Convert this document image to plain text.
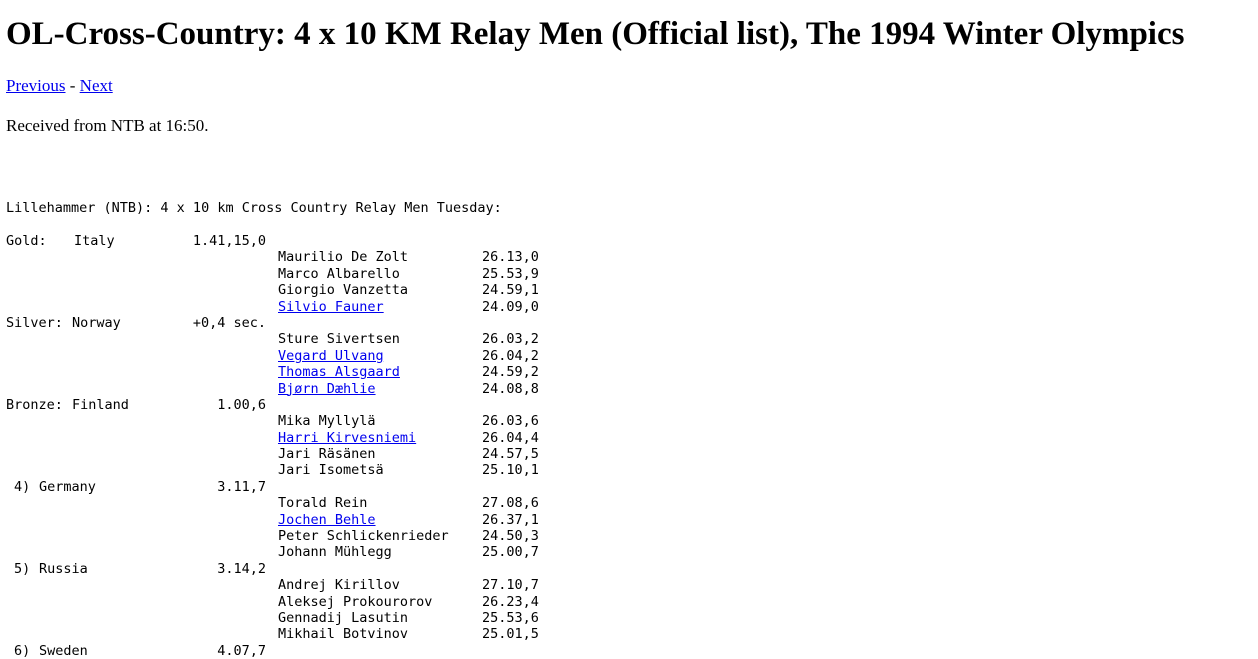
OL-Cross-Country: 4 x 10 KM Relay Men (Official list), The 1994 Winter Olympics
Previous - Next
Received from NTB at 16:50.
Lillehammer (NTB): 4 x 10 km Cross Country Relay Men Tuesday:
Gold: Italy	1.41,15,0
Maurilio De Zolt	26.13,0
Marco Albarello	25.53,9
Giorgio Vanzetta	24.59,1
Silvio Fauner	24.09,0
Silver: Norway	+0,4 sec.
Sture Sivertsen	26.03,2
Vegard Ulvang	26.04,2
Thomas Alsgaard	24.59,2
Bjørn Dæhlie	24.08,8
Bronze: Finland	1.00,6
Mika Myllylä	26.03,6
Harri Kirvesniemi	26.04,4
Jari Räsänen	24.57,5
Jari Isometsä	25.10,1
4) Germany	3.11,7
Torald Rein	27.08,6
Jochen Behle	26.37,1
Peter Schlickenrieder 24.50,3
Johann Mühlegg	25.00,7
5) Russia	3.14,2
Andrej Kirillov	27.10,7
Aleksej Prokourorov	26.23,4
Gennadij Lasutin	25.53,6
Mikhail Botvinov	25.01,5
6) Sweden	4.07,7
